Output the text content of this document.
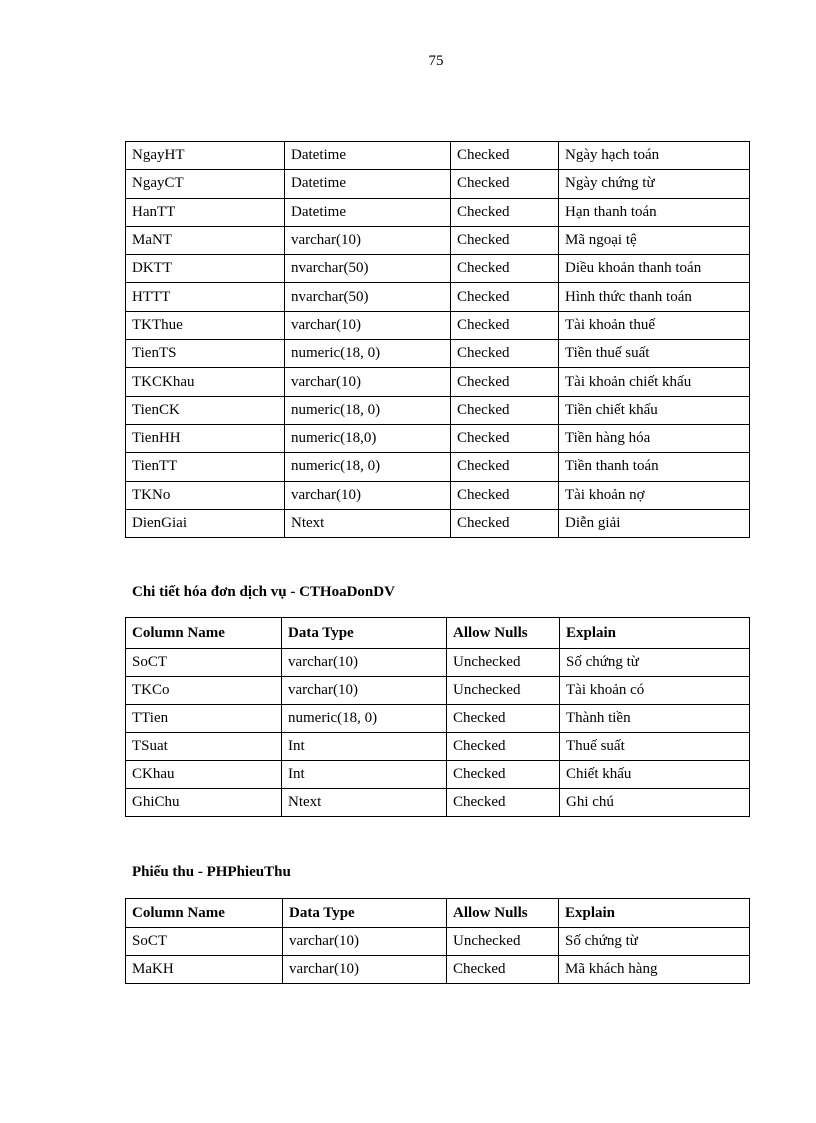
75
NgayHT	Datetime	Checked	Ngày hạch toán
NgayCT	Datetime	Checked	Ngày chứng từ
HanTT	Datetime	Checked	Hạn thanh toán
MaNT	varchar(10)	Checked	Mã ngoại tệ
DKTT	nvarchar(50)	Checked	Diều khoản thanh toán
HTTT	nvarchar(50)	Checked	Hình thức thanh toán
TKThue	varchar(10)	Checked	Tài khoản thuế
TienTS	numeric(18, 0)	Checked	Tiền thuế suất
TKCKhau	varchar(10)	Checked	Tài khoản chiết khấu
TienCK	numeric(18, 0)	Checked	Tiền chiết khấu
TienHH	numeric(18,0)	Checked	Tiền hàng hóa
TienTT	numeric(18, 0)	Checked	Tiền thanh toán
TKNo	varchar(10)	Checked	Tài khoản nợ
DienGiai	Ntext	Checked	Diễn giải
Chi tiết hóa đơn dịch vụ - CTHoaDonDV
Column Name	Data Type	Allow Nulls	Explain
SoCT	varchar(10)	Unchecked	Số chứng từ
TKCo	varchar(10)	Unchecked	Tài khoản có
TTien	numeric(18, 0)	Checked	Thành tiền
TSuat	Int	Checked	Thuế suất
CKhau	Int	Checked	Chiết khấu
GhiChu	Ntext	Checked	Ghi chú
Phiếu thu - PHPhieuThu
Column Name	Data Type	Allow Nulls	Explain
SoCT	varchar(10)	Unchecked	Số chứng từ
MaKH	varchar(10)	Checked	Mã khách hàng
